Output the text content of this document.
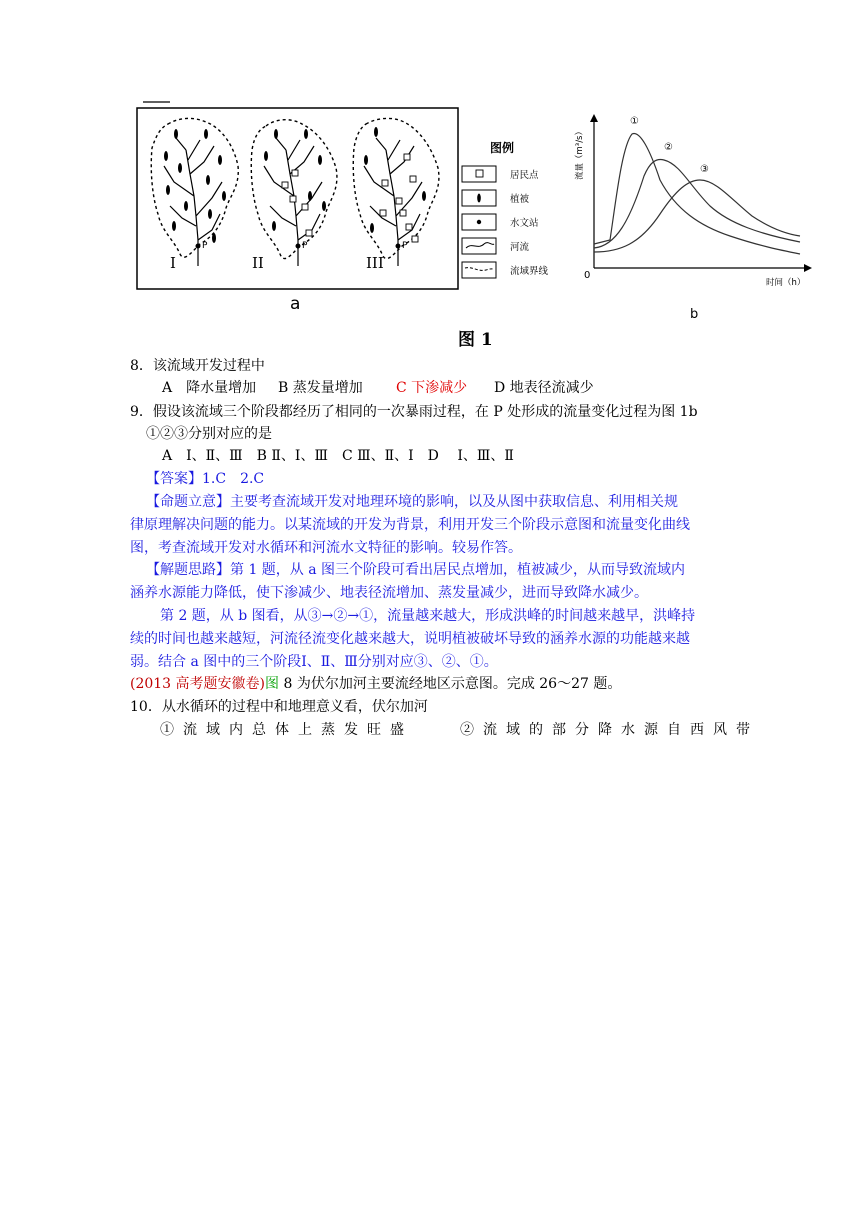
P
I
P
II
P
III
图例
居民点
植被
水文站
河流
流域界线
a
流量（m³/s）
时间（h）
0
①
②
③
b
图 1
8．该流域开发过程中
A　降水量增加 B 蒸发量增加 C 下渗减少 D 地表径流减少
9．假设该流域三个阶段都经历了相同的一次暴雨过程，在 P 处形成的流量变化过程为图 1b
①②③分别对应的是
A　Ⅰ、Ⅱ、Ⅲ　B Ⅱ、Ⅰ、Ⅲ　C Ⅲ、Ⅱ、Ⅰ　D　 Ⅰ、Ⅲ、Ⅱ
【答案】1.C　2.C
【命题立意】主要考查流域开发对地理环境的影响，以及从图中获取信息、利用相关规
律原理解决问题的能力。以某流域的开发为背景，利用开发三个阶段示意图和流量变化曲线
图，考查流域开发对水循环和河流水文特征的影响。较易作答。
【解题思路】第 1 题，从 a 图三个阶段可看出居民点增加，植被减少，从而导致流域内
涵养水源能力降低，使下渗减少、地表径流增加、蒸发量减少，进而导致降水减少。
第 2 题，从 b 图看，从③→②→①，流量越来越大，形成洪峰的时间越来越早，洪峰持
续的时间也越来越短，河流径流变化越来越大，说明植被破坏导致的涵养水源的功能越来越
弱。结合 a 图中的三个阶段Ⅰ、Ⅱ、Ⅲ分别对应③、②、①。
(2013 高考题安徽卷)图 8 为伏尔加河主要流经地区示意图。完成 26～27 题。
10．从水循环的过程中和地理意义看，伏尔加河
①流域内总体上蒸发旺盛	②流域的部分降水源自西风带
